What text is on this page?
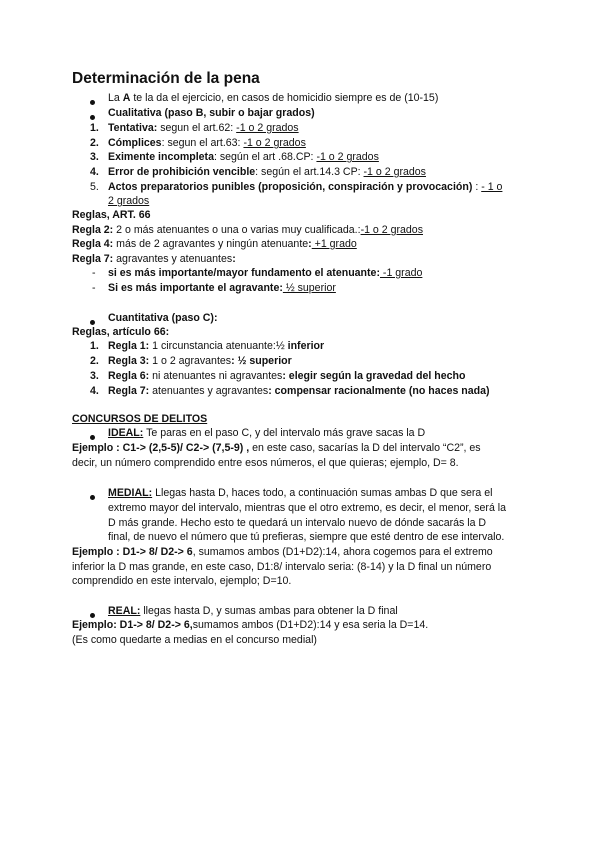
Determinación de la pena
La A te la da el ejercicio, en casos de homicidio siempre es de (10-15)
Cualitativa (paso B, subir o bajar grados)
1. Tentativa: segun el art.62: -1 o 2 grados
2. Cómplices: segun el art.63: -1 o 2 grados
3. Eximente incompleta: según el art .68.CP: -1 o 2 grados
4. Error de prohibición vencible: según el art.14.3 CP: -1 o 2 grados
5. Actos preparatorios punibles (proposición, conspiración y provocación) : - 1 o
2 grados
Reglas, ART. 66
Regla 2: 2 o más atenuantes o una o varias muy cualificada.:-1 o 2 grados
Regla 4: más de 2 agravantes y ningún atenuante: +1 grado
Regla 7: agravantes y atenuantes:
- si es más importante/mayor fundamento el atenuante: -1 grado
- Si es más importante el agravante: ½ superior
Cuantitativa (paso C):
Reglas, artículo 66:
1. Regla 1: 1 circunstancia atenuante:½ inferior
2. Regla 3: 1 o 2 agravantes: ½ superior
3. Regla 6: ni atenuantes ni agravantes: elegir según la gravedad del hecho
4. Regla 7: atenuantes y agravantes: compensar racionalmente (no haces nada)
CONCURSOS DE DELITOS
IDEAL: Te paras en el paso C, y del intervalo más grave sacas la D
Ejemplo : C1-> (2,5-5)/ C2-> (7,5-9) , en este caso, sacarías la D del intervalo “C2”, es
decir, un número comprendido entre esos números, el que quieras; ejemplo, D= 8.
MEDIAL: Llegas hasta D, haces todo, a continuación sumas ambas D que sera el
extremo mayor del intervalo, mientras que el otro extremo, es decir, el menor, será la
D más grande. Hecho esto te quedará un intervalo nuevo de dónde sacarás la D
final, de nuevo el número que tú prefieras, siempre que esté dentro de ese intervalo.
Ejemplo : D1-> 8/ D2-> 6, sumamos ambos (D1+D2):14, ahora cogemos para el extremo
inferior la D mas grande, en este caso, D1:8/ intervalo seria: (8-14) y la D final un número
comprendido en este intervalo, ejemplo; D=10.
REAL: llegas hasta D, y sumas ambas para obtener la D final
Ejemplo: D1-> 8/ D2-> 6,sumamos ambos (D1+D2):14 y esa seria la D=14.
(Es como quedarte a medias en el concurso medial)
